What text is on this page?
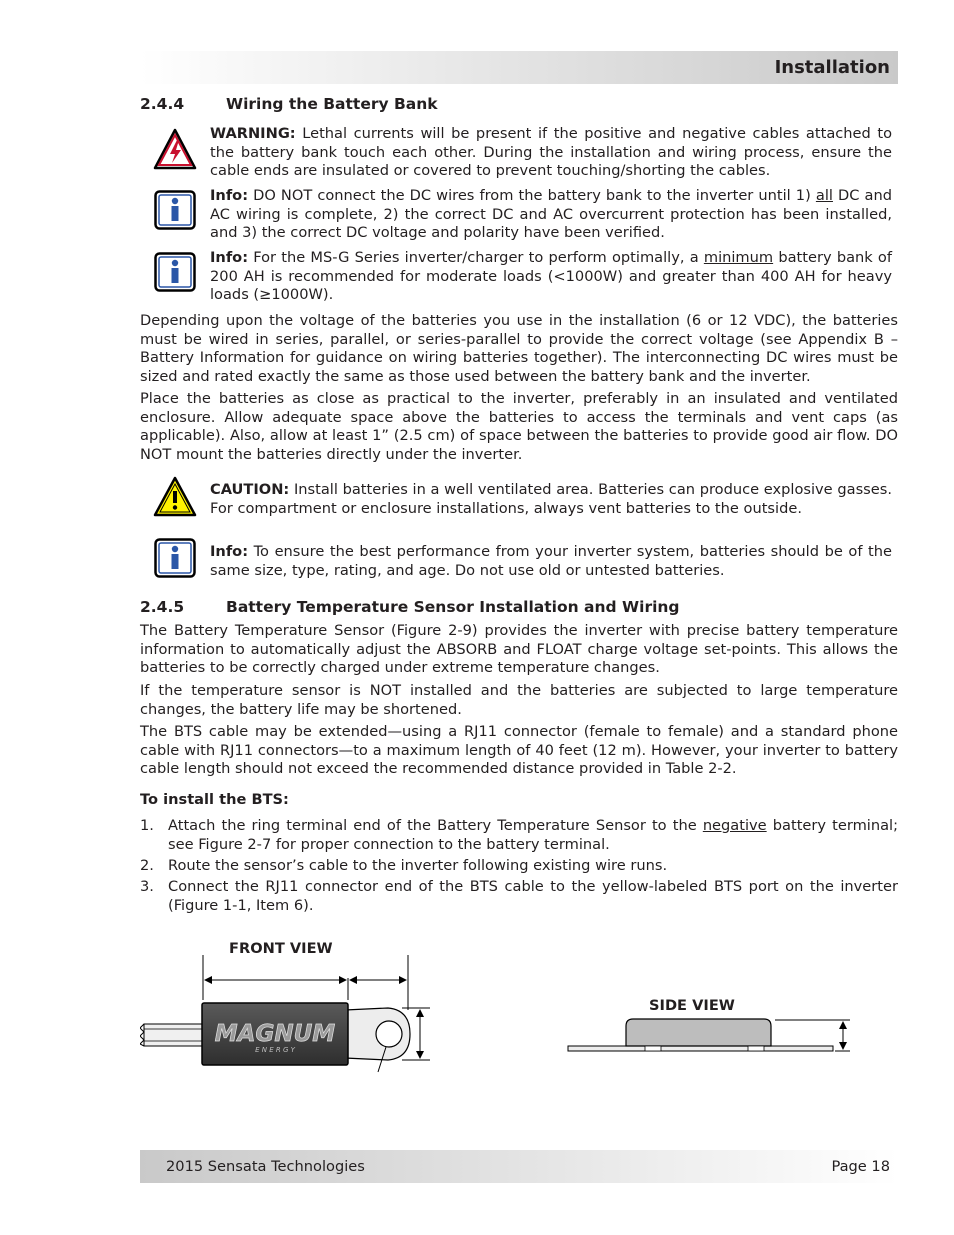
Installation
2.4.4	Wiring the Battery Bank
WARNING: Lethal currents will be present if the positive and negative cables attached to the battery bank touch each other. During the installation and wiring process, ensure the cable ends are insulated or covered to prevent touching/shorting the cables.
Info: DO NOT connect the DC wires from the battery bank to the inverter until 1) all DC and AC wiring is complete, 2) the correct DC and AC overcurrent protection has been installed, and 3) the correct DC voltage and polarity have been verified.
Info: For the MS-G Series inverter/charger to perform optimally, a minimum battery bank of 200 AH is recommended for moderate loads (<1000W) and greater than 400 AH for heavy loads (≥1000W).
Depending upon the voltage of the batteries you use in the installation (6 or 12 VDC), the batteries must be wired in series, parallel, or series-parallel to provide the correct voltage (see Appendix B – Battery Information for guidance on wiring batteries together). The interconnecting DC wires must be sized and rated exactly the same as those used between the battery bank and the inverter.
Place the batteries as close as practical to the inverter, preferably in an insulated and ventilated enclosure. Allow adequate space above the batteries to access the terminals and vent caps (as applicable). Also, allow at least 1” (2.5 cm) of space between the batteries to provide good air flow. DO NOT mount the batteries directly under the inverter.
CAUTION: Install batteries in a well ventilated area. Batteries can produce explosive gasses. For compartment or enclosure installations, always vent batteries to the outside.
Info: To ensure the best performance from your inverter system, batteries should be of the same size, type, rating, and age. Do not use old or untested batteries.
2.4.5	Battery Temperature Sensor Installation and Wiring
The Battery Temperature Sensor (Figure 2-9) provides the inverter with precise battery temperature information to automatically adjust the ABSORB and FLOAT charge voltage set-points. This allows the batteries to be correctly charged under extreme temperature changes.
If the temperature sensor is NOT installed and the batteries are subjected to large temperature changes, the battery life may be shortened.
The BTS cable may be extended—using a RJ11 connector (female to female) and a standard phone cable with RJ11 connectors—to a maximum length of 40 feet (12 m). However, your inverter to battery cable length should not exceed the recommended distance provided in Table 2-2.
To install the BTS:
1. Attach the ring terminal end of the Battery Temperature Sensor to the negative battery terminal; see Figure 2-7 for proper connection to the battery terminal.
2. Route the sensor’s cable to the inverter following existing wire runs.
3. Connect the RJ11 connector end of the BTS cable to the yellow-labeled BTS port on the inverter (Figure 1-1, Item 6).
FRONT VIEW
SIDE VIEW
MAGNUM
E N E R G Y
2015 Sensata Technologies	Page 18
